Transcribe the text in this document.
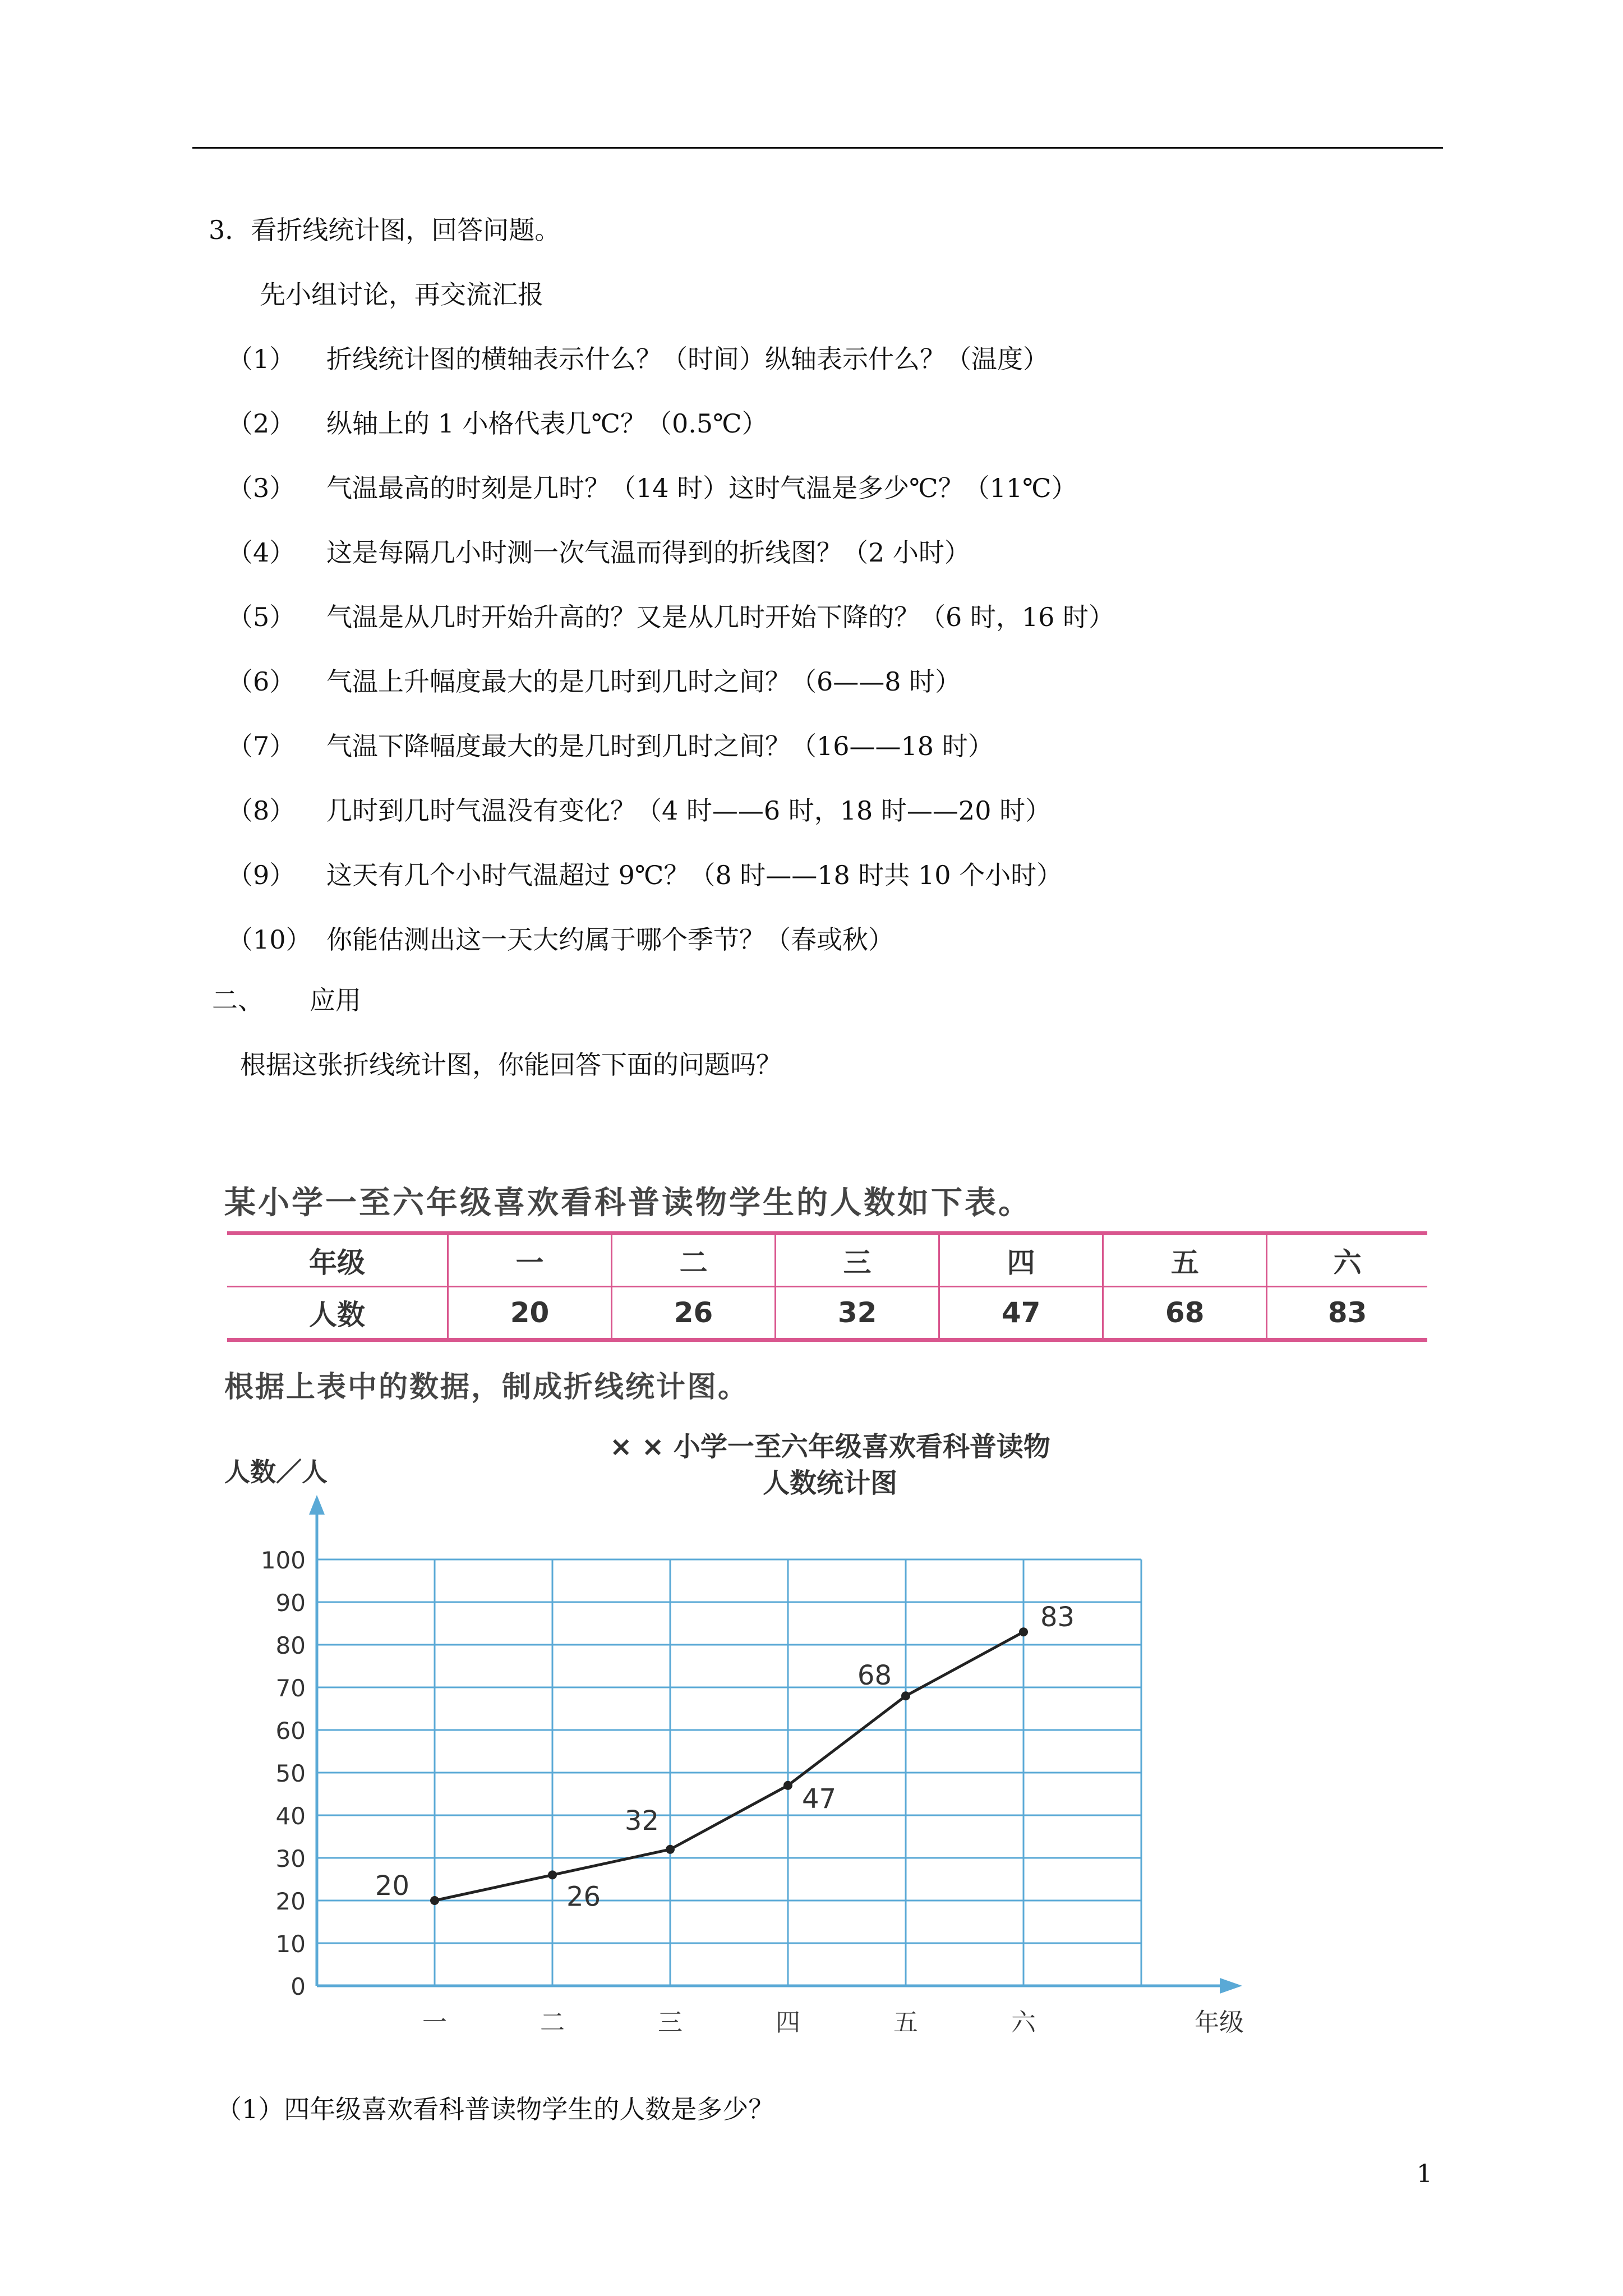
3．看折线统计图，回答问题。
先小组讨论，再交流汇报
（1） 折线统计图的横轴表示什么？（时间）纵轴表示什么？（温度）
（2） 纵轴上的 1 小格代表几℃？（0.5℃）
（3） 气温最高的时刻是几时？（14 时）这时气温是多少℃？（11℃）
（4） 这是每隔几小时测一次气温而得到的折线图？（2 小时）
（5） 气温是从几时开始升高的？又是从几时开始下降的？（6 时，16 时）
（6） 气温上升幅度最大的是几时到几时之间？（6——8 时）
（7） 气温下降幅度最大的是几时到几时之间？（16——18 时）
（8） 几时到几时气温没有变化？（4 时——6 时，18 时——20 时）
（9） 这天有几个小时气温超过 9℃？（8 时——18 时共 10 个小时）
（10） 你能估测出这一天大约属于哪个季节？（春或秋）
二、 应用
根据这张折线统计图，你能回答下面的问题吗？
某小学一至六年级喜欢看科普读物学生的人数如下表。
年级	一	二	三	四	五	六
人数	20	26	32	47	68	83
根据上表中的数据，制成折线统计图。
× × 小学一至六年级喜欢看科普读物
人数统计图
0
10
20
30
40
50
60
70
80
90
100
人数／人
年级
一	二	三	四	五	六
20	26
32
47
68
83
（1）四年级喜欢看科普读物学生的人数是多少？
1
